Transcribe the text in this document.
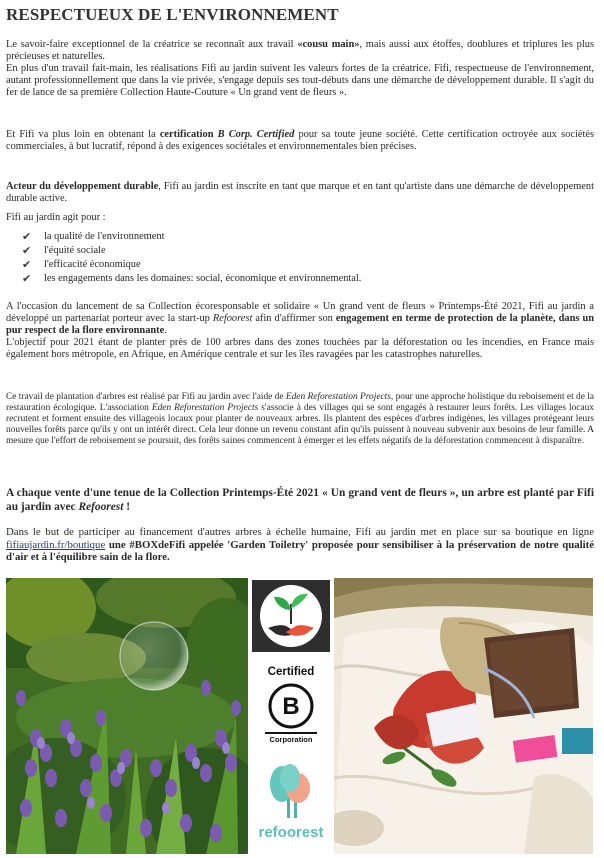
RESPECTUEUX DE L'ENVIRONNEMENT

Le savoir-faire exceptionnel de la créatrice se reconnaît aux travail «cousu main», mais aussi aux étoffes, doublures et triplures les plus précieuses et naturelles.

En plus d'un travail fait-main, les réalisations Fifi au jardin suivent les valeurs fortes de la créatrice. Fifi, respectueuse de l'environnement, autant professionnellement que dans la vie privée, s'engage depuis ses tout-débuts dans une démarche de développement durable. Il s'agit du fer de lance de sa première Collection Haute-Couture « Un grand vent de fleurs ».

Et Fifi va plus loin en obtenant la certification B Corp. Certified pour sa toute jeune société. Cette certification octroyée aux sociétés commerciales, à but lucratif, répond à des exigences sociétales et environnementales bien précises.

Acteur du développement durable, Fifi au jardin est inscrite en tant que marque et en tant qu'artiste dans une démarche de développement durable active.

Fifi au jardin agit pour :
✔ la qualité de l'environnement
✔ l'équité sociale
✔ l'efficacité économique
✔ les engagements dans les domaines: social, économique et environnemental.

A l'occasion du lancement de sa Collection écoresponsable et solidaire « Un grand vent de fleurs » Printemps-Été 2021, Fifi au jardin a développé un partenariat porteur avec la start-up Refoorest afin d'affirmer son engagement en terme de protection de la planète, dans un pur respect de la flore environnante.

L'objectif pour 2021 étant de planter près de 100 arbres dans des zones touchées par la déforestation ou les incendies, en France mais également hors métropole, en Afrique, en Amérique centrale et sur les îles ravagées par les catastrophes naturelles.

Ce travail de plantation d'arbres est réalisé par Fifi au jardin avec l'aide de Eden Reforestation Projects, pour une approche holistique du reboisement et de la restauration écologique. L'association Eden Reforestation Projects s'associe à des villages qui se sont engagés à restaurer leurs forêts. Les villages locaux recrutent et forment ensuite des villageois locaux pour planter de nouveaux arbres. Ils plantent des espèces d'arbres indigènes, les villages protégeant leurs nouvelles forêts parce qu'ils y ont un intérêt direct. Cela leur donne un revenu constant afin qu'ils puissent à nouveau subvenir aux besoins de leur famille. A mesure que l'effort de reboisement se poursuit, des forêts saines commencent à émerger et les effets négatifs de la déforestation commencent à disparaître.

A chaque vente d'une tenue de la Collection Printemps-Été 2021 « Un grand vent de fleurs », un arbre est planté par Fifi au jardin avec Refoorest !

Dans le but de participer au financement d'autres arbres à échelle humaine, Fifi au jardin met en place sur sa boutique en ligne fifiaujardin.fr/boutique une #BOXdeFifi appelée 'Garden Toiletry' proposée pour sensibiliser à la préservation de notre qualité d'air et à l'équilibre sain de la flore.

Certified
B
Corporation
refoorest
